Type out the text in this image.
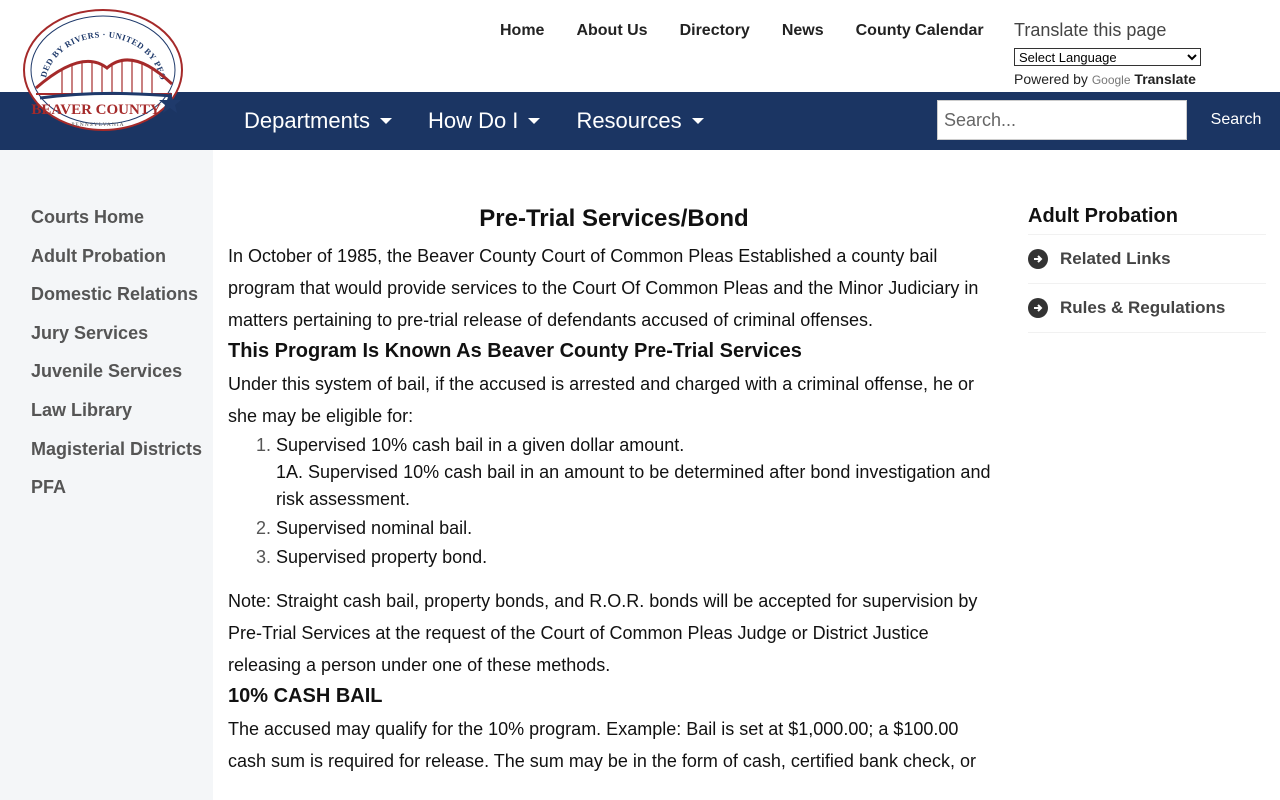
Home About Us Directory News County Calendar Translate this page
Select Language
Powered by Google Translate
DED BY RIVERS · UNITED BY PEO
BEAVER COUNTY
PENNSYLVANIA	Departments	How Do I	Resources
Search...	Search
Courts Home
Adult Probation
Domestic Relations
Jury Services
Juvenile Services
Law Library
Magisterial Districts
PFA
Pre-Trial Services/Bond

In October of 1985, the Beaver County Court of Common Pleas Established a county bail program that would provide services to the Court Of Common Pleas and the Minor Judiciary in matters pertaining to pre-trial release of defendants accused of criminal offenses.

This Program Is Known As Beaver County Pre-Trial Services

Under this system of bail, if the accused is arrested and charged with a criminal offense, he or she may be eligible for:

1. Supervised 10% cash bail in a given dollar amount.
1A. Supervised 10% cash bail in an amount to be determined after bond investigation and risk assessment.
2. Supervised nominal bail.
3. Supervised property bond.

Note: Straight cash bail, property bonds, and R.O.R. bonds will be accepted for supervision by Pre-Trial Services at the request of the Court of Common Pleas Judge or District Justice releasing a person under one of these methods.

10% CASH BAIL

The accused may qualify for the 10% program. Example: Bail is set at $1,000.00; a $100.00 cash sum is required for release. The sum may be in the form of cash, certified bank check, or

Adult Probation
Related Links
Rules & Regulations
